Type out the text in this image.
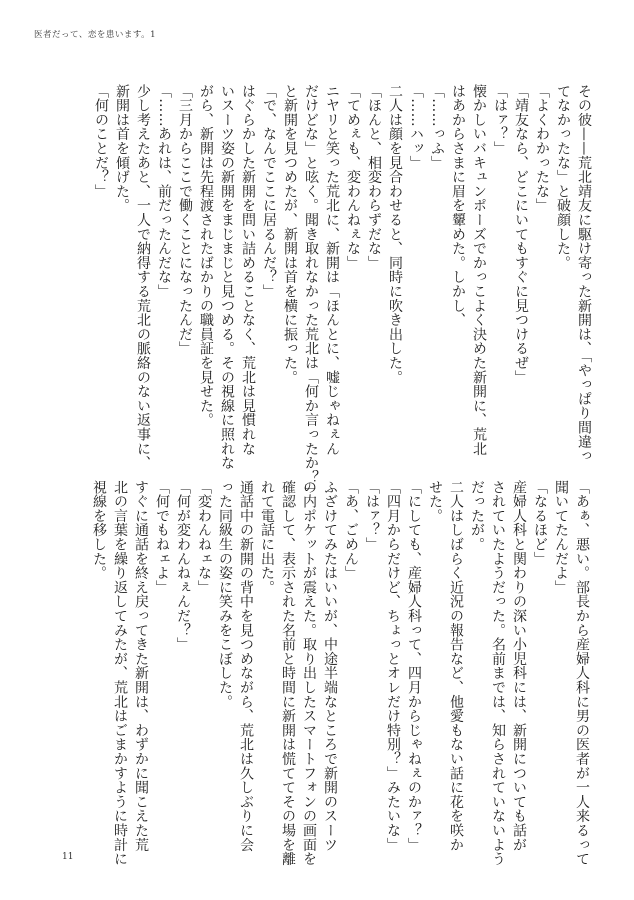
医者だって、恋を患います。1

その彼——荒北靖友に駆け寄った新開は、「やっぱり間違っ

てなかったな」と破顔した。

「よくわかったな」

「靖友なら、どこにいてもすぐに見つけるぜ」

「はァ？」

懐かしいバキュンポーズでかっこよく決めた新開に、荒北

はあからさまに眉を顰めた。しかし、

「……っふ」

「……ハッ」

二人は顔を見合わせると、同時に吹き出した。

「ほんと、相変わらずだな」

「てめぇも、変わんねぇな」

ニヤリと笑った荒北に、新開は「ほんとに、嘘じゃねぇん

だけどな」と呟く。聞き取れなかった荒北は「何か言ったか？」

と新開を見つめたが、新開は首を横に振った。

「で、なんでここに居るんだ？」

はぐらかした新開を問い詰めることなく、荒北は見慣れな

いスーツ姿の新開をまじまじと見つめる。その視線に照れな

がら、新開は先程渡されたばかりの職員証を見せた。

「三月からここで働くことになったんだ」

「……あれは、前だったんだな」

少し考えたあと、一人で納得する荒北の脈絡のない返事に、

新開は首を傾げた。

「何のことだ？」

「あぁ、悪い。部長から産婦人科に男の医者が一人来るって

聞いてたんだよ」

「なるほど」

産婦人科と関わりの深い小児科には、新開についても話が

されていたようだった。名前までは、知らされていないよう

だったが。

二人はしばらく近況の報告など、他愛もない話に花を咲か

せた。

「にしても、産婦人科って、四月からじゃねぇのかァ？」

「四月からだけど、ちょっとオレだけ特別？」みたいな」

「はァ？」

「あ、ごめん」

ふざけてみたはいいが、中途半端なところで新開のスーツ

の内ポケットが震えた。取り出したスマートフォンの画面を

確認して、表示された名前と時間に新開は慌ててその場を離

れて電話に出た。

通話中の新開の背中を見つめながら、荒北は久しぶりに会

った同級生の姿に笑みをこぼした。

「変わんねェな」

「何が変わんねぇんだ？」

「何でもねェよ」

すぐに通話を終え戻ってきた新開は、わずかに聞こえた荒

北の言葉を繰り返してみたが、荒北はごまかすように時計に

視線を移した。

11
